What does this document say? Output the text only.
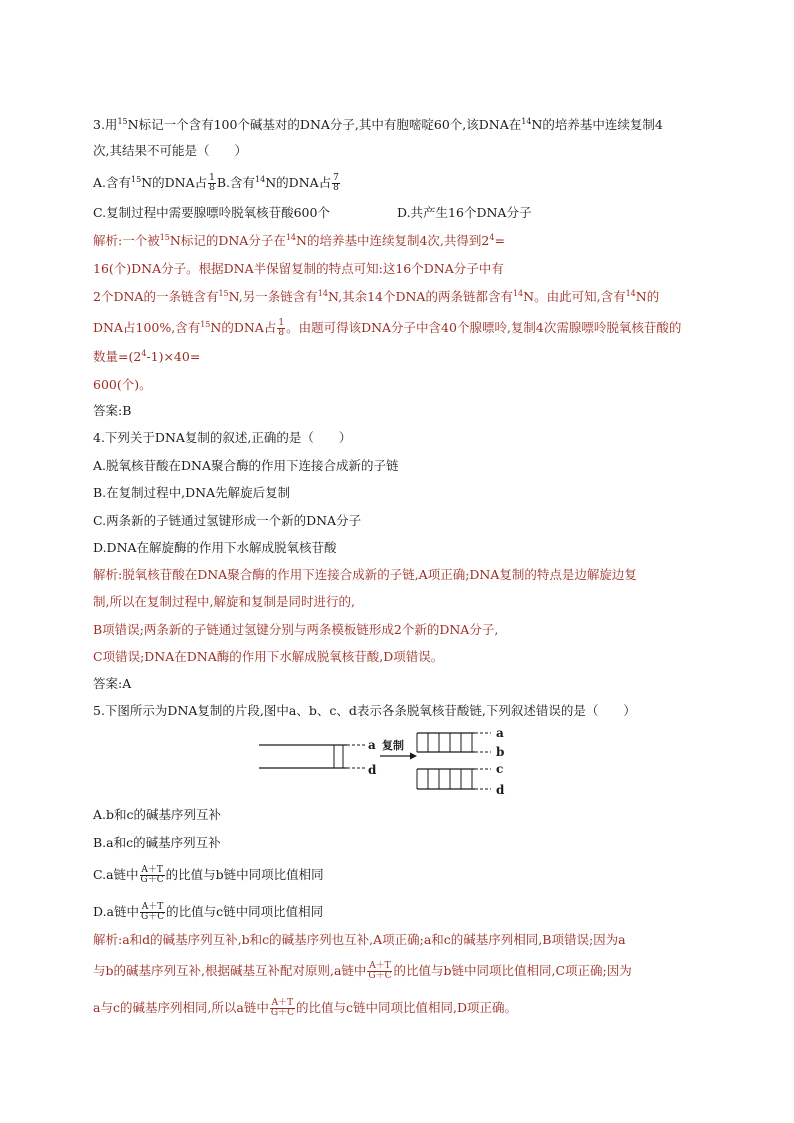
3.用$^{15}$N标记一个含有100个碱基对的DNA分子,其中有胞嘧啶60个,该DNA在$^{14}$N的培养基中连续复制4
次,其结果不可能是（　　）
A.含有$^{15}$N的DNA占 $\frac{1}{8} B$.含有$^{14}$N的DNA占 $\frac{7}{8}$
C.复制过程中需要腺嘌呤脱氧核苷酸600个	D.共产生16个DNA分子
解析:一个被$^{15}$N标记的DNA分子在$^{14}$N的培养基中连续复制4次,共得到$2^4=$
16(个)DNA分子。根据DNA半保留复制的特点可知:这16个DNA分子中有
2个DNA的一条链含有$^{15}$N,另一条链含有$^{14}$N,其余14个DNA的两条链都含有$^{14}$N。由此可知,含有$^{14}$N的
DNA占100%,含有$^{15}$N的DNA占 $\frac{1}{8}$ 。由题可得该DNA分子中含40个腺嘌呤,复制4次需腺嘌呤脱氧核苷酸的
数量$=(2^4-1)\times 40=$
600(个)。
答案:B
4.下列关于DNA复制的叙述,正确的是（　　）
A.脱氧核苷酸在DNA聚合酶的作用下连接合成新的子链
B.在复制过程中,DNA先解旋后复制
C.两条新的子链通过氢键形成一个新的DNA分子
D.DNA在解旋酶的作用下水解成脱氧核苷酸
解析:脱氧核苷酸在DNA聚合酶的作用下连接合成新的子链,A项正确;DNA复制的特点是边解旋边复
制,所以在复制过程中,解旋和复制是同时进行的,
B项错误;两条新的子链通过氢键分别与两条模板链形成2个新的DNA分子,
C项错误;DNA在DNA酶的作用下水解成脱氧核苷酸,D项错误。
答案:A
5.下图所示为DNA复制的片段,图中a、b、c、d表示各条脱氧核苷酸链,下列叙述错误的是（　　）
a
d
复制
a
b
c
d
A.b和c的碱基序列互补
B.a和c的碱基序列互补
C.a链中 $\frac{A+T}{G+C}$ 的比值与b链中同项比值相同
D.a链中 $\frac{A+T}{G+C}$ 的比值与c链中同项比值相同
解析:a和d的碱基序列互补,b和c的碱基序列也互补,A项正确;a和c的碱基序列相同,B项错误;因为a
与b的碱基序列互补,根据碱基互补配对原则,a链中 $\frac{A+T}{G+C}$ 的比值与b链中同项比值相同,C项正确;因为
a与c的碱基序列相同,所以a链中 $\frac{A+T}{G+C}$ 的比值与c链中同项比值相同,D项正确。
